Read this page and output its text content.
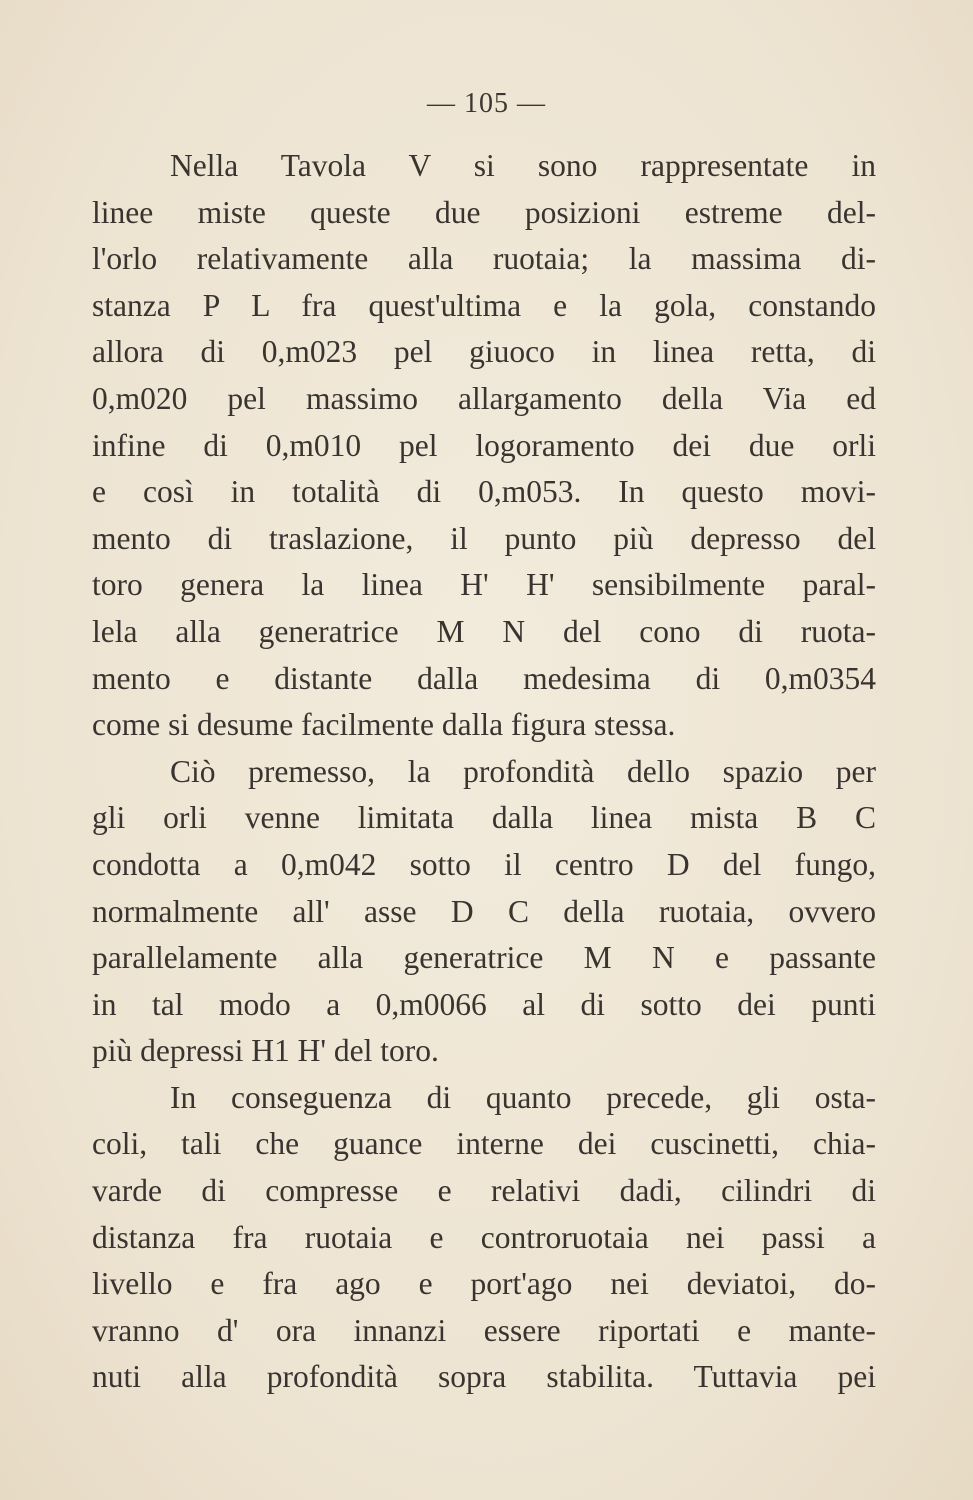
— 105 —
Nella Tavola V si sono rappresentate in
linee miste queste due posizioni estreme del-
l'orlo relativamente alla ruotaia; la massima di-
stanza P L fra quest'ultima e la gola, constando
allora di 0,m023 pel giuoco in linea retta, di
0,m020 pel massimo allargamento della Via ed
infine di 0,m010 pel logoramento dei due orli
e così in totalità di 0,m053. In questo movi-
mento di traslazione, il punto più depresso del
toro genera la linea H' H' sensibilmente paral-
lela alla generatrice M N del cono di ruota-
mento e distante dalla medesima di 0,m0354
come si desume facilmente dalla figura stessa.
Ciò premesso, la profondità dello spazio per
gli orli venne limitata dalla linea mista B C
condotta a 0,m042 sotto il centro D del fungo,
normalmente all' asse D C della ruotaia, ovvero
parallelamente alla generatrice M N e passante
in tal modo a 0,m0066 al di sotto dei punti
più depressi H1 H' del toro.
In conseguenza di quanto precede, gli osta-
coli, tali che guance interne dei cuscinetti, chia-
varde di compresse e relativi dadi, cilindri di
distanza fra ruotaia e controruotaia nei passi a
livello e fra ago e port'ago nei deviatoi, do-
vranno d' ora innanzi essere riportati e mante-
nuti alla profondità sopra stabilita. Tuttavia pei
